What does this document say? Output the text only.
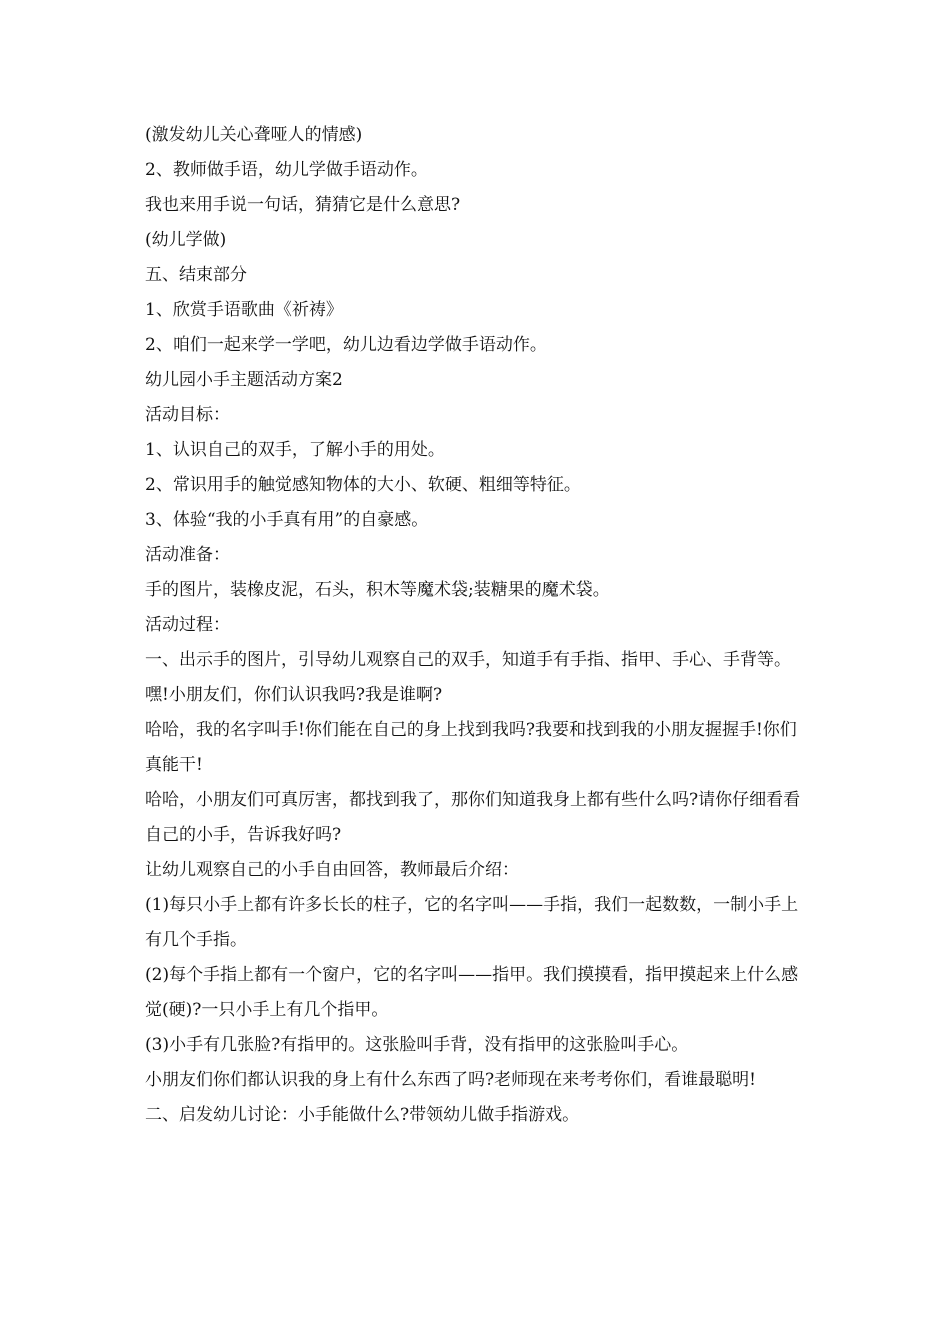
(激发幼儿关心聋哑人的情感)

2、教师做手语，幼儿学做手语动作。

我也来用手说一句话，猜猜它是什么意思?

(幼儿学做)

五、结束部分

1、欣赏手语歌曲《祈祷》

2、咱们一起来学一学吧，幼儿边看边学做手语动作。

幼儿园小手主题活动方案2

活动目标：

1、认识自己的双手，了解小手的用处。

2、常识用手的触觉感知物体的大小、软硬、粗细等特征。

3、体验“我的小手真有用”的自豪感。

活动准备：

手的图片，装橡皮泥，石头，积木等魔术袋;装糖果的魔术袋。

活动过程：

一、出示手的图片，引导幼儿观察自己的双手，知道手有手指、指甲、手心、手背等。

嘿!小朋友们，你们认识我吗?我是谁啊?

哈哈，我的名字叫手!你们能在自己的身上找到我吗?我要和找到我的小朋友握握手!你们真能干!

哈哈，小朋友们可真厉害，都找到我了，那你们知道我身上都有些什么吗?请你仔细看看自己的小手，告诉我好吗?

让幼儿观察自己的小手自由回答，教师最后介绍：

(1)每只小手上都有许多长长的柱子，它的名字叫——手指，我们一起数数，一制小手上有几个手指。

(2)每个手指上都有一个窗户，它的名字叫——指甲。我们摸摸看，指甲摸起来上什么感觉(硬)?一只小手上有几个指甲。

(3)小手有几张脸?有指甲的。这张脸叫手背，没有指甲的这张脸叫手心。

小朋友们你们都认识我的身上有什么东西了吗?老师现在来考考你们，看谁最聪明!

二、启发幼儿讨论：小手能做什么?带领幼儿做手指游戏。
